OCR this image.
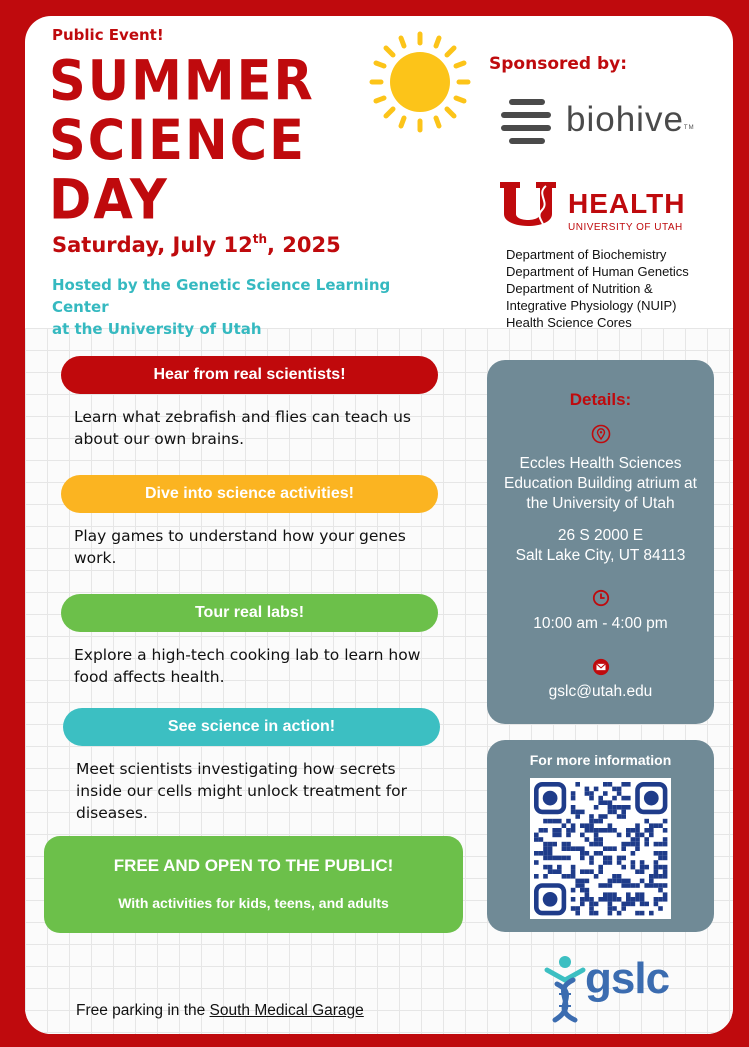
Public Event!
SUMMER
SCIENCE
DAY
Saturday, July 12th, 2025
Hosted by the Genetic Science Learning Center
at the University of Utah
Sponsored by:
biohiveTM
HEALTH
UNIVERSITY OF UTAH
Department of Biochemistry
Department of Human Genetics
Department of Nutrition &
Integrative Physiology (NUIP)
Health Science Cores
Hear from real scientists!
Learn what zebrafish and flies can teach us
about our own brains.
Dive into science activities!
Play games to understand how your genes
work.
Tour real labs!
Explore a high-tech cooking lab to learn how
food affects health.
See science in action!
Meet scientists investigating how secrets
inside our cells might unlock treatment for
diseases.
FREE AND OPEN TO THE PUBLIC!
With activities for kids, teens, and adults
Details:
Eccles Health Sciences
Education Building atrium at
the University of Utah
26 S 2000 E
Salt Lake City, UT 84113
10:00 am - 4:00 pm
gslc@utah.edu
For more information
gslc
Free parking in the South Medical Garage
